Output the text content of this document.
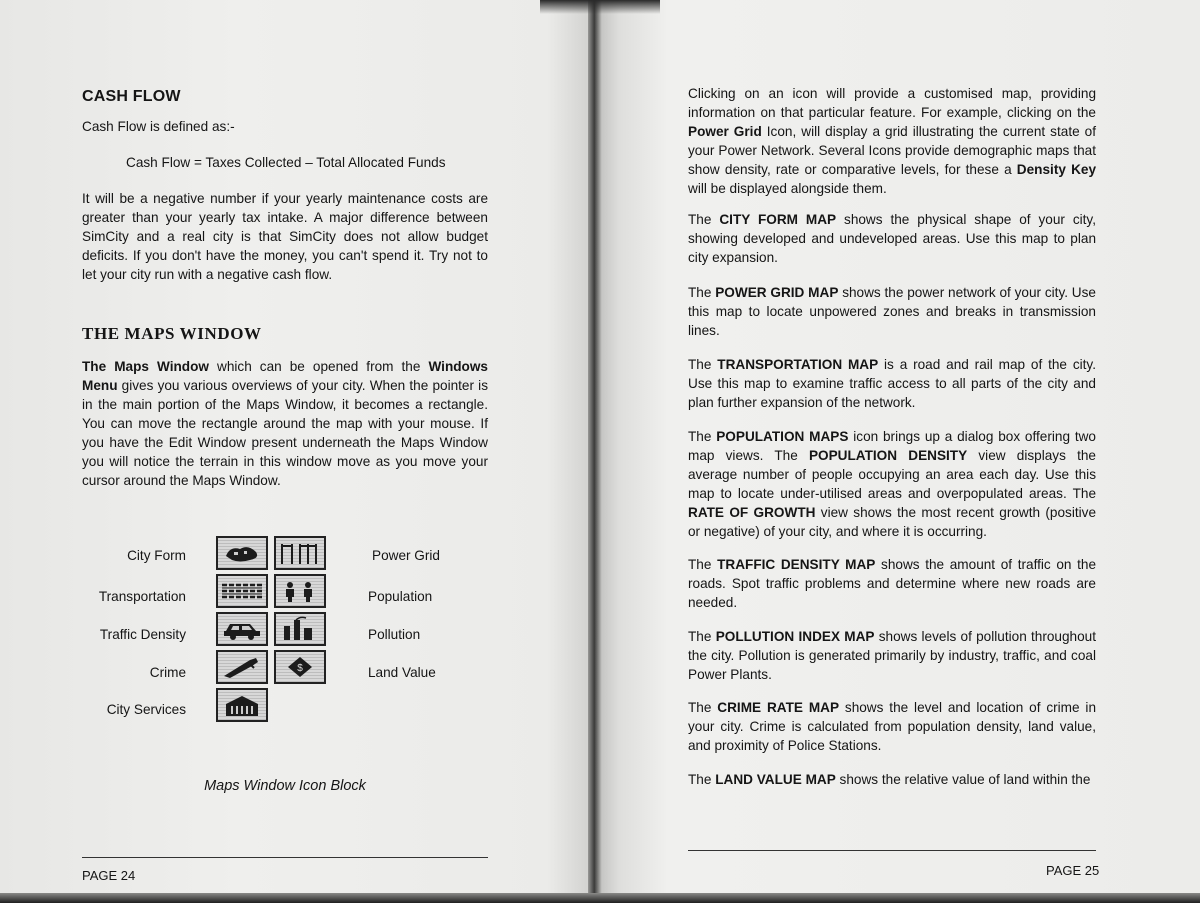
CASH FLOW

Cash Flow is defined as:-

Cash Flow = Taxes Collected – Total Allocated Funds

It will be a negative number if your yearly maintenance costs are greater than your yearly tax intake. A major difference between SimCity and a real city is that SimCity does not allow budget deficits. If you don't have the money, you can't spend it. Try not to let your city run with a negative cash flow.

THE MAPS WINDOW

The Maps Window which can be opened from the Windows Menu gives you various overviews of your city. When the pointer is in the main portion of the Maps Window, it becomes a rectangle. You can move the rectangle around the map with your mouse. If you have the Edit Window present underneath the Maps Window you will notice the terrain in this window move as you move your cursor around the Maps Window.

City Form
Transportation
Traffic Density
Crime
City Services
Power Grid
Population
Pollution
Land Value
$
Maps Window Icon Block
PAGE 24

Clicking on an icon will provide a customised map, providing information on that particular feature. For example, clicking on the Power Grid Icon, will display a grid illustrating the current state of your Power Network. Several Icons provide demographic maps that show density, rate or comparative levels, for these a Density Key will be displayed alongside them.

The CITY FORM MAP shows the physical shape of your city, showing developed and undeveloped areas. Use this map to plan city expansion.

The POWER GRID MAP shows the power network of your city. Use this map to locate unpowered zones and breaks in transmission lines.

The TRANSPORTATION MAP is a road and rail map of the city. Use this map to examine traffic access to all parts of the city and plan further expansion of the network.

The POPULATION MAPS icon brings up a dialog box offering two map views. The POPULATION DENSITY view displays the average number of people occupying an area each day. Use this map to locate under-utilised areas and overpopulated areas. The RATE OF GROWTH view shows the most recent growth (positive or negative) of your city, and where it is occurring.

The TRAFFIC DENSITY MAP shows the amount of traffic on the roads. Spot traffic problems and determine where new roads are needed.

The POLLUTION INDEX MAP shows levels of pollution throughout the city. Pollution is generated primarily by industry, traffic, and coal Power Plants.

The CRIME RATE MAP shows the level and location of crime in your city. Crime is calculated from population density, land value, and proximity of Police Stations.

The LAND VALUE MAP shows the relative value of land within the

PAGE 25
